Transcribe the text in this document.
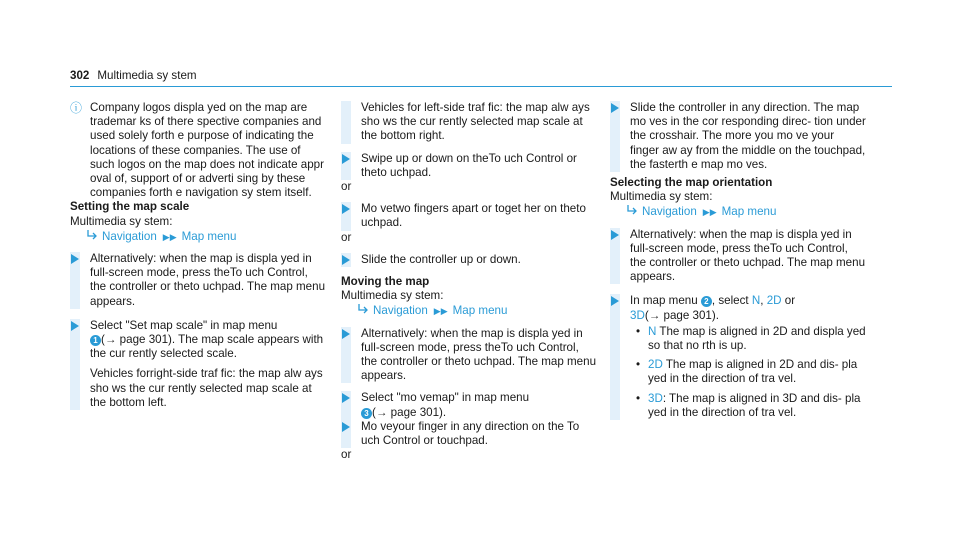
302 Multimedia sy stem
ⓘ Company logos displa yed on the map are trademar ks of there spective companies and used solely forth e purpose of indicating the locations of these companies. The use of such logos on the map does not indicate appr oval of, support of or adverti sing by these companies forth e navigation sy stem itself.

Setting the map scale

Multimedia sy stem:

Navigation ▶▶ Map menu

Alternatively: when the map is displa yed in full-screen mode, press theTo uch Control, the controller or theto uchpad. The map menu appears.

Select "Set map scale" in map menu
1 (→ page 301). The map scale appears with the cur rently selected scale.

Vehicles forright-side traf fic: the map alw ays sho ws the cur rently selected map scale at the bottom left.

Vehicles for left-side traf fic: the map alw ays sho ws the cur rently selected map scale at the bottom right.

Swipe up or down on theTo uch Control or theto uchpad.

or

Mo vetwo fingers apart or toget her on theto uchpad.

or

Slide the controller up or down.

Moving the map

Multimedia sy stem:

Navigation ▶▶ Map menu

Alternatively: when the map is displa yed in full-screen mode, press theTo uch Control, the controller or theto uchpad. The map menu appears.

Select "mo vemap" in map menu
3 (→ page 301).

Mo veyour finger in any direction on the To uch Control or touchpad.

or

Slide the controller in any direction. The map mo ves in the cor responding direc- tion under the crosshair. The more you mo ve your finger aw ay from the middle on the touchpad, the fasterth e map mo ves.

Selecting the map orientation

Multimedia sy stem:

Navigation ▶▶ Map menu

Alternatively: when the map is displa yed in full-screen mode, press theTo uch Control, the controller or theto uchpad. The map menu appears.

In map menu 2 , select N, 2D or
3D(→ page 301).

• N The map is aligned in 2D and displa yed so that no rth is up.
• 2D The map is aligned in 2D and dis‐ pla yed in the direction of tra vel.
• 3D: The map is aligned in 3D and dis‐ pla yed in the direction of tra vel.
